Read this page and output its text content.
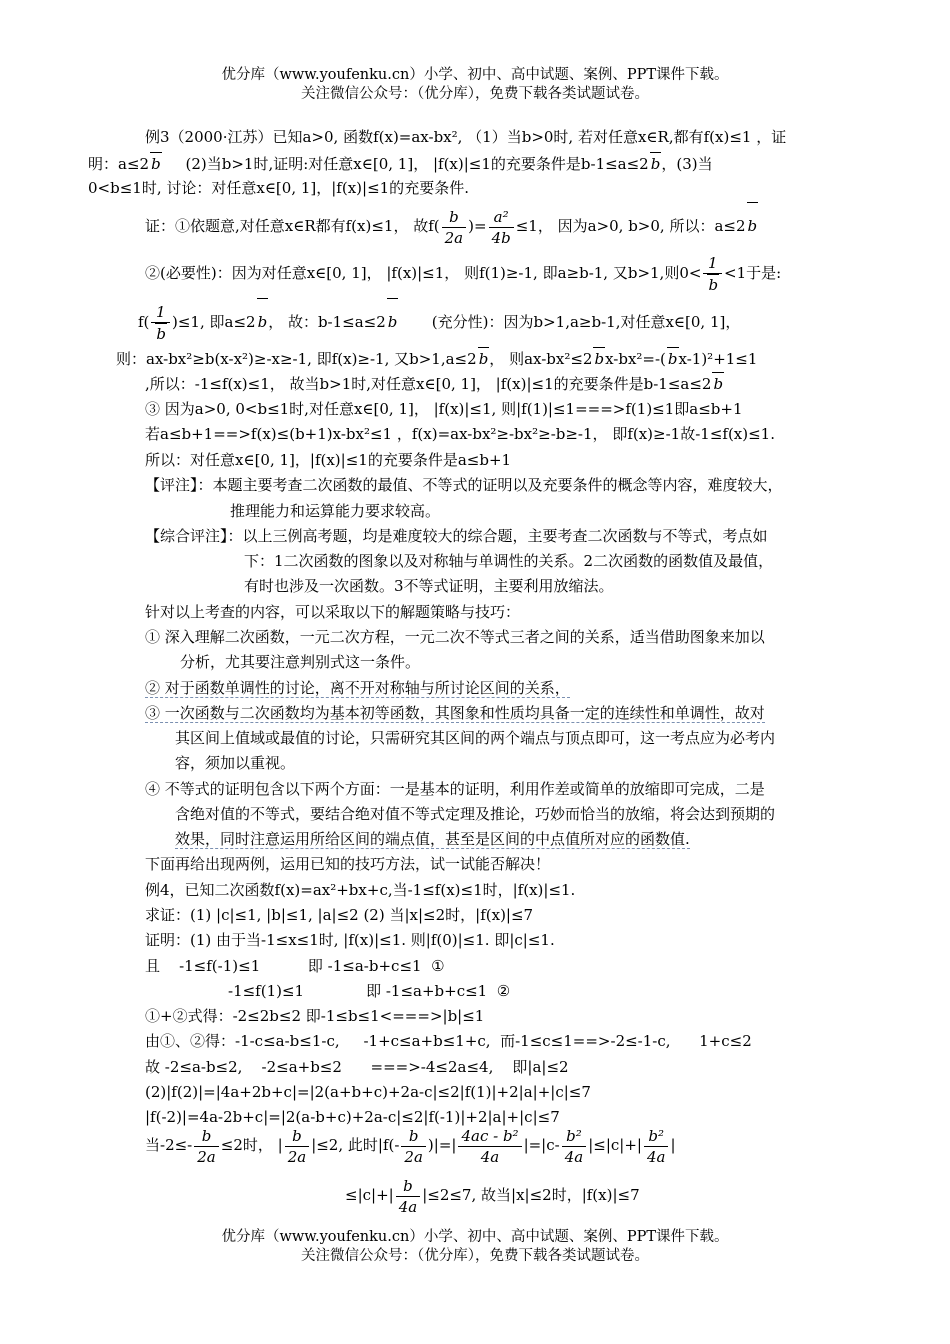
优分库（www.youfenku.cn）小学、初中、高中试题、案例、PPT课件下载。
关注微信公众号：（优分库），免费下载各类试题试卷。
例3（2000·江苏）已知a>0, 函数f(x)=ax-bx², （1）当b>0时, 若对任意x∈R,都有f(x)≤1 ，证
明：a≤2 b (2)当b>1时,证明:对任意x∈[0, 1]， |f(x)|≤1的充要条件是b-1≤a≤2 b，(3)当
0<b≤1时, 讨论：对任意x∈[0, 1]，|f(x)|≤1的充要条件.
证：①依题意,对任意x∈R都有f(x)≤1， 故$f( \frac{b}{2a}$ )= $\frac{\text{a²}}{4b} \le 1$， 因为a>0, b>0, 所以：a≤2 b
②(必要性)：因为对任意x∈[0, 1]， |f(x)|≤1， 则f(1)≥-1, 即a≥b-1, 又b>1,则$0< \frac{1}{b} <1$于是:
$f( \frac{1}{b} )\le 1$, 即a≤2 b， 故：b-1≤a≤2 b (充分性)：因为b>1,a≥b-1,对任意x∈[0, 1]，
则：ax-bx²≥b(x-x²)≥-x≥-1, 即f(x)≥-1, 又b>1,a≤2 b， 则ax-bx²≤2 bx-bx²=-( bx-1)²+1≤1
,所以：-1≤f(x)≤1， 故当b>1时,对任意x∈[0, 1]， |f(x)|≤1的充要条件是b-1≤a≤2 b
③ 因为a>0, 0<b≤1时,对任意x∈[0, 1]， |f(x)|≤1, 则|f(1)|≤1===>f(1)≤1即a≤b+1
若a≤b+1==>f(x)≤(b+1)x-bx²≤1 ，f(x)=ax-bx²≥-bx²≥-b≥-1， 即f(x)≥-1故-1≤f(x)≤1.
所以：对任意x∈[0, 1]，|f(x)|≤1的充要条件是a≤b+1
【评注】：本题主要考查二次函数的最值、不等式的证明以及充要条件的概念等内容，难度较大，
推理能力和运算能力要求较高。
【综合评注】：以上三例高考题，均是难度较大的综合题，主要考查二次函数与不等式，考点如
下：1二次函数的图象以及对称轴与单调性的关系。2二次函数的函数值及最值，
有时也涉及一次函数。3不等式证明，主要利用放缩法。
针对以上考查的内容，可以采取以下的解题策略与技巧：
① 深入理解二次函数，一元二次方程，一元二次不等式三者之间的关系，适当借助图象来加以
分析，尤其要注意判别式这一条件。
② 对于函数单调性的讨论，离不开对称轴与所讨论区间的关系，
③ 一次函数与二次函数均为基本初等函数，其图象和性质均具备一定的连续性和单调性，故对
其区间上值域或最值的讨论，只需研究其区间的两个端点与顶点即可，这一考点应为必考内
容，须加以重视。
④ 不等式的证明包含以下两个方面：一是基本的证明，利用作差或简单的放缩即可完成，二是
含绝对值的不等式，要结合绝对值不等式定理及推论，巧妙而恰当的放缩，将会达到预期的
效果，同时注意运用所给区间的端点值，甚至是区间的中点值所对应的函数值.
下面再给出现两例，运用已知的技巧方法，试一试能否解决！
例4，已知二次函数f(x)=ax²+bx+c,当-1≤f(x)≤1时，|f(x)|≤1.
求证：(1) |c|≤1, |b|≤1, |a|≤2 (2) 当|x|≤2时，|f(x)|≤7
证明：(1) 由于当-1≤x≤1时, |f(x)|≤1. 则|f(0)|≤1. 即|c|≤1.
且    -1≤f(-1)≤1          即 -1≤a-b+c≤1  ①
-1≤f(1)≤1             即 -1≤a+b+c≤1  ②
①+②式得：-2≤2b≤2 即-1≤b≤1<===>|b|≤1
由①、②得：-1-c≤a-b≤1-c,     -1+c≤a+b≤1+c,  而-1≤c≤1==>-2≤-1-c,      1+c≤2
故 -2≤a-b≤2,    -2≤a+b≤2      ===>-4≤2a≤4,    即|a|≤2
(2)|f(2)|=|4a+2b+c|=|2(a+b+c)+2a-c|≤2|f(1)|+2|a|+|c|≤7
|f(-2)|=4a-2b+c|=|2(a-b+c)+2a-c|≤2|f(-1)|+2|a|+|c|≤7
当$-2\le- \frac{b}{2a} \le 2$时， | $\frac{b}{2a} |\le 2$, 此时$|f(- \frac{b}{2a}$ )|=| $\frac{\text{4ac - b²}}{4a} |=|c- \frac{\text{b²}}{4a} |\le|c|+| \frac{\text{b²}}{4a}$ |
$\le|c|+| \frac{b}{4a} |\le 2\le 7$, 故当|x|≤2时，|f(x)|≤7
优分库（www.youfenku.cn）小学、初中、高中试题、案例、PPT课件下载。
关注微信公众号：（优分库），免费下载各类试题试卷。
